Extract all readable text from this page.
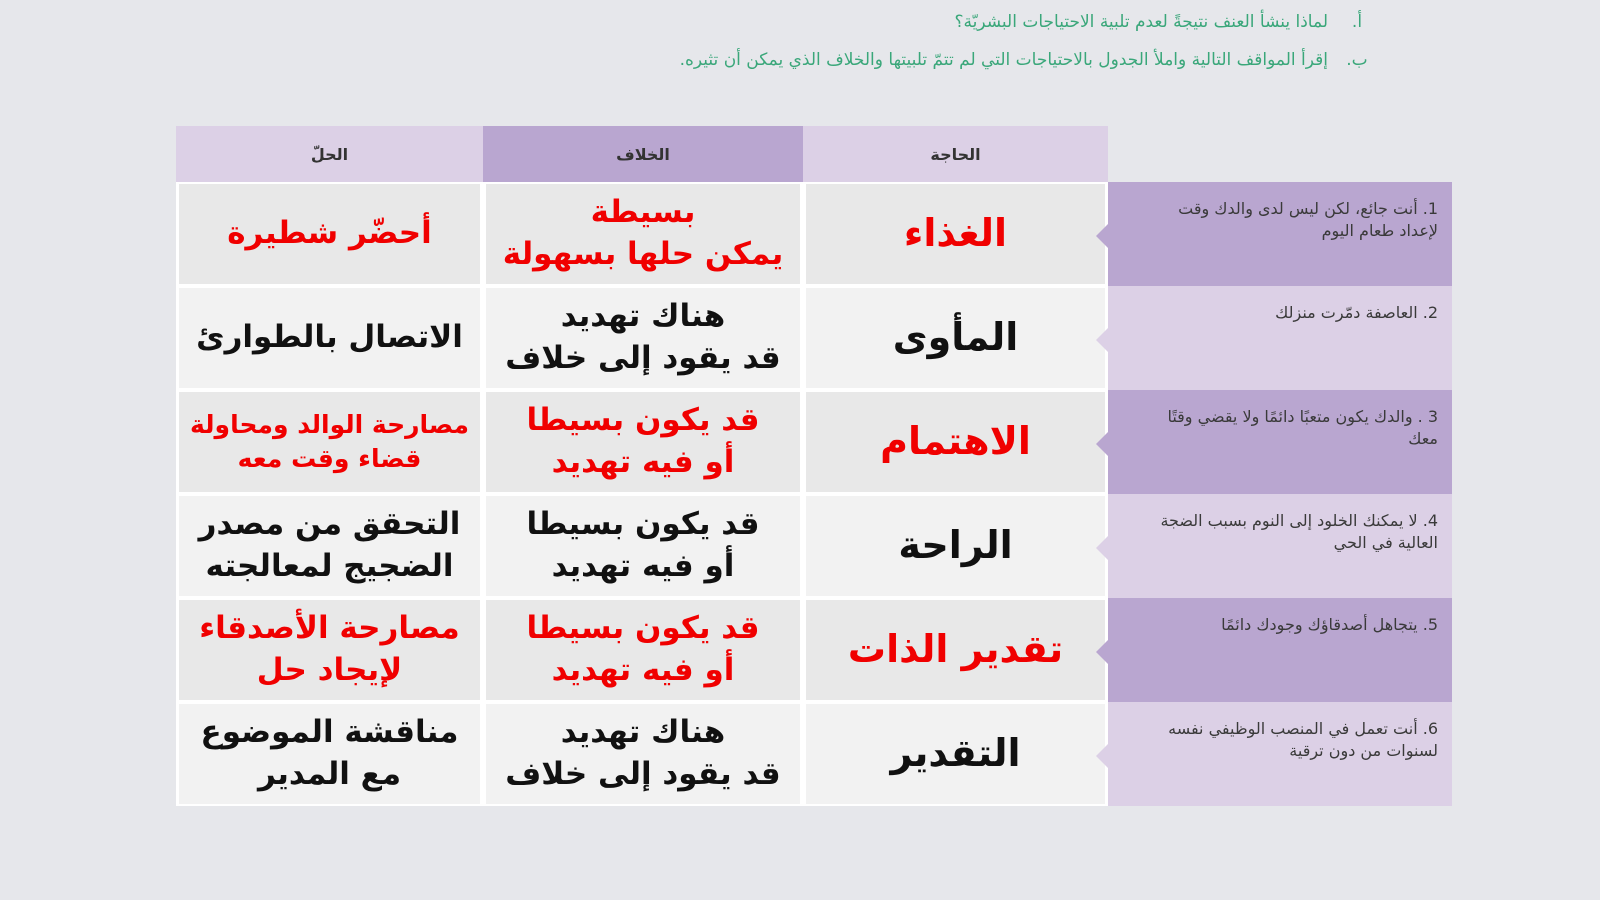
أ.
لماذا ينشأ العنف نتيجةً لعدم تلبية الاحتياجات البشريّة؟
ب.
إقرأ المواقف التالية واملأ الجدول بالاحتياجات التي لم تتمّ تلبيتها والخلاف الذي يمكن أن تثيره.
الحاجة
الخلاف
الحلّ
1. أنت جائع، لكن ليس لدى والدك وقت لإعداد طعام اليوم
الغذاء
بسيطة
يمكن حلها بسهولة
أحضّر شطيرة
2. العاصفة دمّرت منزلك
المأوى
هناك تهديد
قد يقود إلى خلاف
الاتصال بالطوارئ
3 . والدك يكون متعبًا دائمًا ولا يقضي وقتًا معك
الاهتمام
قد يكون بسيطا
أو فيه تهديد
مصارحة الوالد ومحاولة
قضاء وقت معه
4. لا يمكنك الخلود إلى النوم بسبب الضجة العالية في الحي
الراحة
قد يكون بسيطا
أو فيه تهديد
التحقق من مصدر
الضجيج لمعالجته
5. يتجاهل أصدقاؤك وجودك دائمًا
تقدير الذات
قد يكون بسيطا
أو فيه تهديد
مصارحة الأصدقاء
لإيجاد حل
6. أنت تعمل في المنصب الوظيفي نفسه لسنوات من دون ترقية
التقدير
هناك تهديد
قد يقود إلى خلاف
مناقشة الموضوع
مع المدير
